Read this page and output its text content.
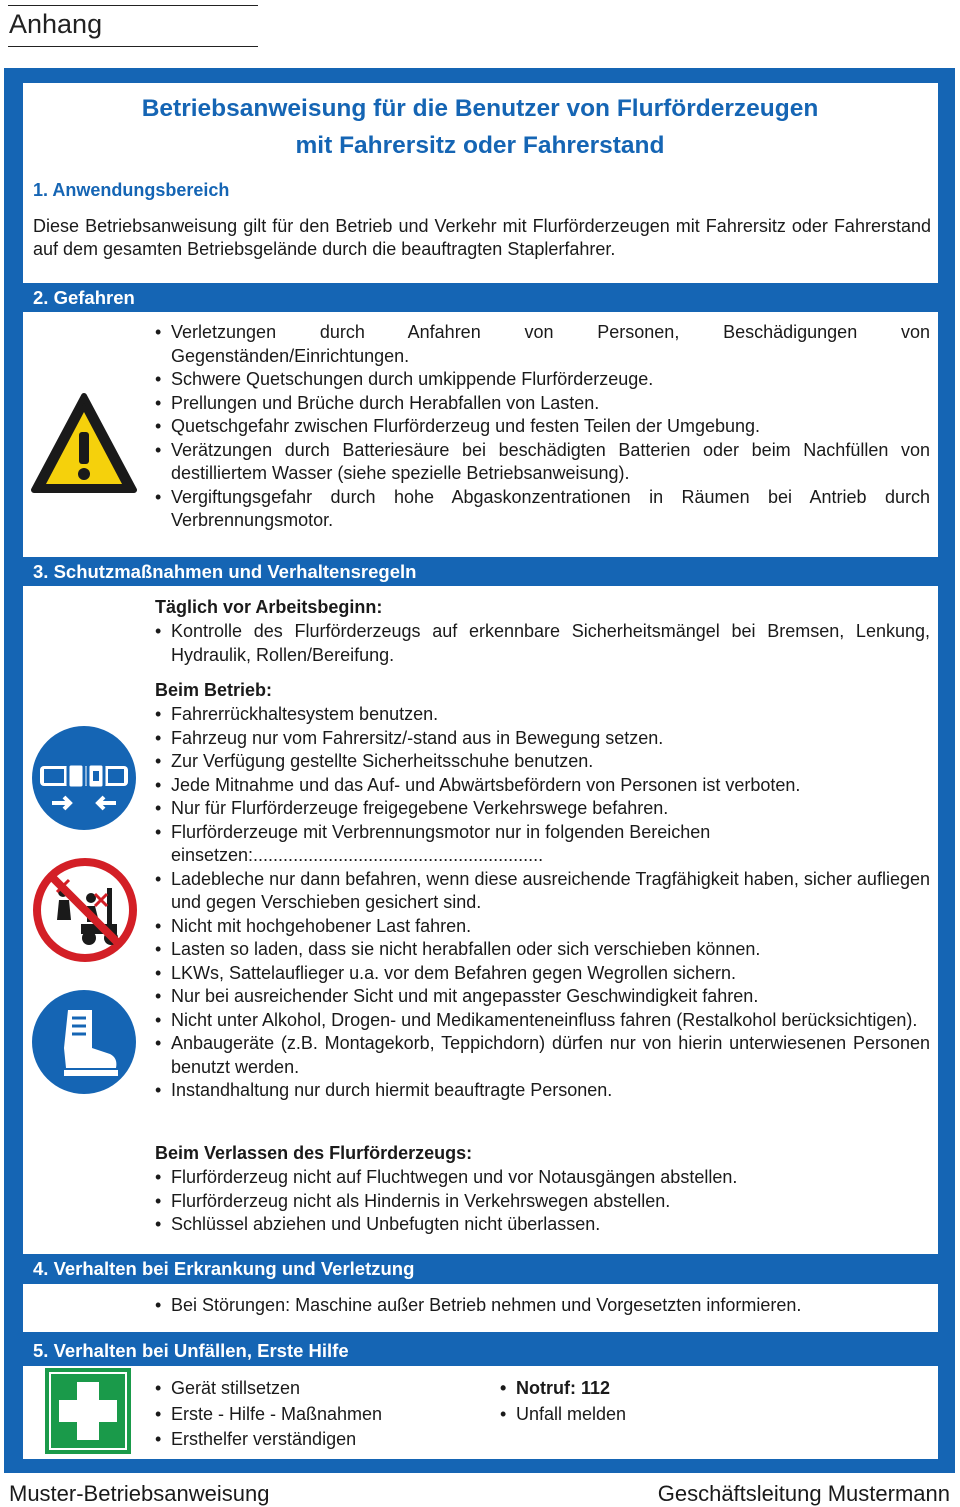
Anhang
Betriebsanweisung für die Benutzer von Flurförderzeugen
mit Fahrersitz oder Fahrerstand
1. Anwendungsbereich
Diese Betriebsanweisung gilt für den Betrieb und Verkehr mit Flurförderzeugen mit Fahrersitz oder Fahrerstand auf dem gesamten Betriebsgelände durch die beauftragten Staplerfahrer.
2. Gefahren
• Verletzungen durch Anfahren von Personen, Beschädigungen von Gegenständen/Einrichtungen.
• Schwere Quetschungen durch umkippende Flurförderzeuge.
• Prellungen und Brüche durch Herabfallen von Lasten.
• Quetschgefahr zwischen Flurförderzeug und festen Teilen der Umgebung.
• Verätzungen durch Batteriesäure bei beschädigten Batterien oder beim Nachfüllen von destilliertem Wasser (siehe spezielle Betriebsanweisung).
• Vergiftungsgefahr durch hohe Abgaskonzentrationen in Räumen bei Antrieb durch Verbrennungsmotor.
3. Schutzmaßnahmen und Verhaltensregeln
Täglich vor Arbeitsbeginn:
• Kontrolle des Flurförderzeugs auf erkennbare Sicherheitsmängel bei Bremsen, Lenkung, Hydraulik, Rollen/Bereifung.
Beim Betrieb:
• Fahrerrückhaltesystem benutzen.
• Fahrzeug nur vom Fahrersitz/-stand aus in Bewegung setzen.
• Zur Verfügung gestellte Sicherheitsschuhe benutzen.
• Jede Mitnahme und das Auf- und Abwärtsbefördern von Personen ist verboten.
• Nur für Flurförderzeuge freigegebene Verkehrswege befahren.
• Flurförderzeuge mit Verbrennungsmotor nur in folgenden Bereichen einsetzen:..........................................................
• Ladebleche nur dann befahren, wenn diese ausreichende Tragfähigkeit haben, sicher aufliegen und gegen Verschieben gesichert sind.
• Nicht mit hochgehobener Last fahren.
• Lasten so laden, dass sie nicht herabfallen oder sich verschieben können.
• LKWs, Sattelauflieger u.a. vor dem Befahren gegen Wegrollen sichern.
• Nur bei ausreichender Sicht und mit angepasster Geschwindigkeit fahren.
• Nicht unter Alkohol, Drogen- und Medikamenteneinfluss fahren (Restalkohol berücksichtigen).
• Anbaugeräte (z.B. Montagekorb, Teppichdorn) dürfen nur von hierin unterwiesenen Personen benutzt werden.
• Instandhaltung nur durch hiermit beauftragte Personen.
Beim Verlassen des Flurförderzeugs:
• Flurförderzeug nicht auf Fluchtwegen und vor Notausgängen abstellen.
• Flurförderzeug nicht als Hindernis in Verkehrswegen abstellen.
• Schlüssel abziehen und Unbefugten nicht überlassen.
4. Verhalten bei Erkrankung und Verletzung
• Bei Störungen: Maschine außer Betrieb nehmen und Vorgesetzten informieren.
5. Verhalten bei Unfällen, Erste Hilfe
• Gerät stillsetzen
• Erste - Hilfe - Maßnahmen
• Ersthelfer verständigen
• Notruf: 112
• Unfall melden
Muster-Betriebsanweisung	Geschäftsleitung Mustermann
